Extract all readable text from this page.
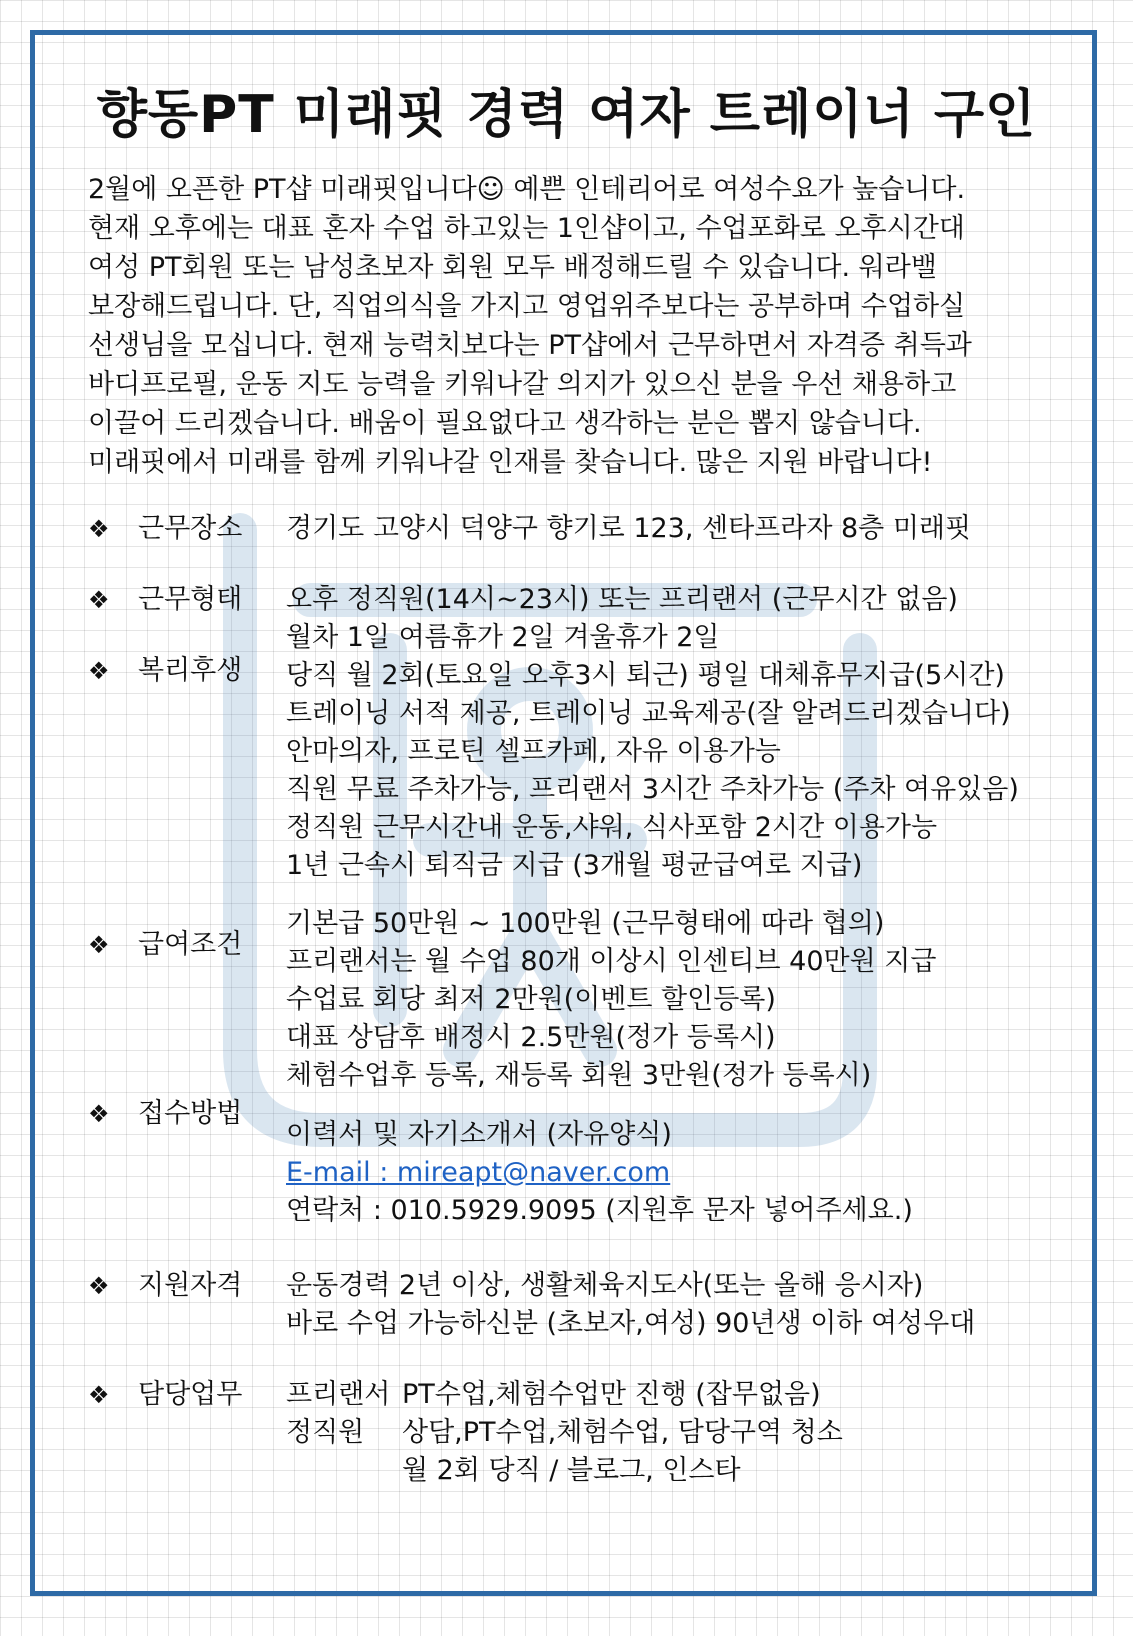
향동PT 미래핏 경력 여자 트레이너 구인
2월에 오픈한 PT샵 미래핏입니다☺ 예쁜 인테리어로 여성수요가 높습니다.
현재 오후에는 대표 혼자 수업 하고있는 1인샵이고, 수업포화로 오후시간대
여성 PT회원 또는 남성초보자 회원 모두 배정해드릴 수 있습니다. 워라밸
보장해드립니다. 단, 직업의식을 가지고 영업위주보다는 공부하며 수업하실
선생님을 모십니다. 현재 능력치보다는 PT샵에서 근무하면서 자격증 취득과
바디프로필, 운동 지도 능력을 키워나갈 의지가 있으신 분을 우선 채용하고
이끌어 드리겠습니다. 배움이 필요없다고 생각하는 분은 뽑지 않습니다.
미래핏에서 미래를 함께 키워나갈 인재를 찾습니다. 많은 지원 바랍니다!
❖ 근무장소 경기도 고양시 덕양구 향기로 123, 센타프라자 8층 미래핏
❖ 근무형태 오후 정직원(14시~23시) 또는 프리랜서 (근무시간 없음)
❖ 복리후생
월차 1일 여름휴가 2일 겨울휴가 2일
당직 월 2회(토요일 오후3시 퇴근) 평일 대체휴무지급(5시간)
트레이닝 서적 제공, 트레이닝 교육제공(잘 알려드리겠습니다)
안마의자, 프로틴 셀프카페, 자유 이용가능
직원 무료 주차가능, 프리랜서 3시간 주차가능 (주차 여유있음)
정직원 근무시간내 운동,샤워, 식사포함 2시간 이용가능
1년 근속시 퇴직금 지급 (3개월 평균급여로 지급)
❖ 급여조건
기본급 50만원 ~ 100만원 (근무형태에 따라 협의)
프리랜서는 월 수업 80개 이상시 인센티브 40만원 지급
수업료 회당 최저 2만원(이벤트 할인등록)
대표 상담후 배정시 2.5만원(정가 등록시)
체험수업후 등록, 재등록 회원 3만원(정가 등록시)
❖ 접수방법
이력서 및 자기소개서 (자유양식)
E-mail : mireapt@naver.com
연락처 : 010.5929.9095 (지원후 문자 넣어주세요.)
❖ 지원자격 운동경력 2년 이상, 생활체육지도사(또는 올해 응시자)
바로 수업 가능하신분 (초보자,여성) 90년생 이하 여성우대
❖ 담당업무 프리랜서 PT수업,체험수업만 진행 (잡무없음)
정직원 상담,PT수업,체험수업, 담당구역 청소
월 2회 당직 / 블로그, 인스타
